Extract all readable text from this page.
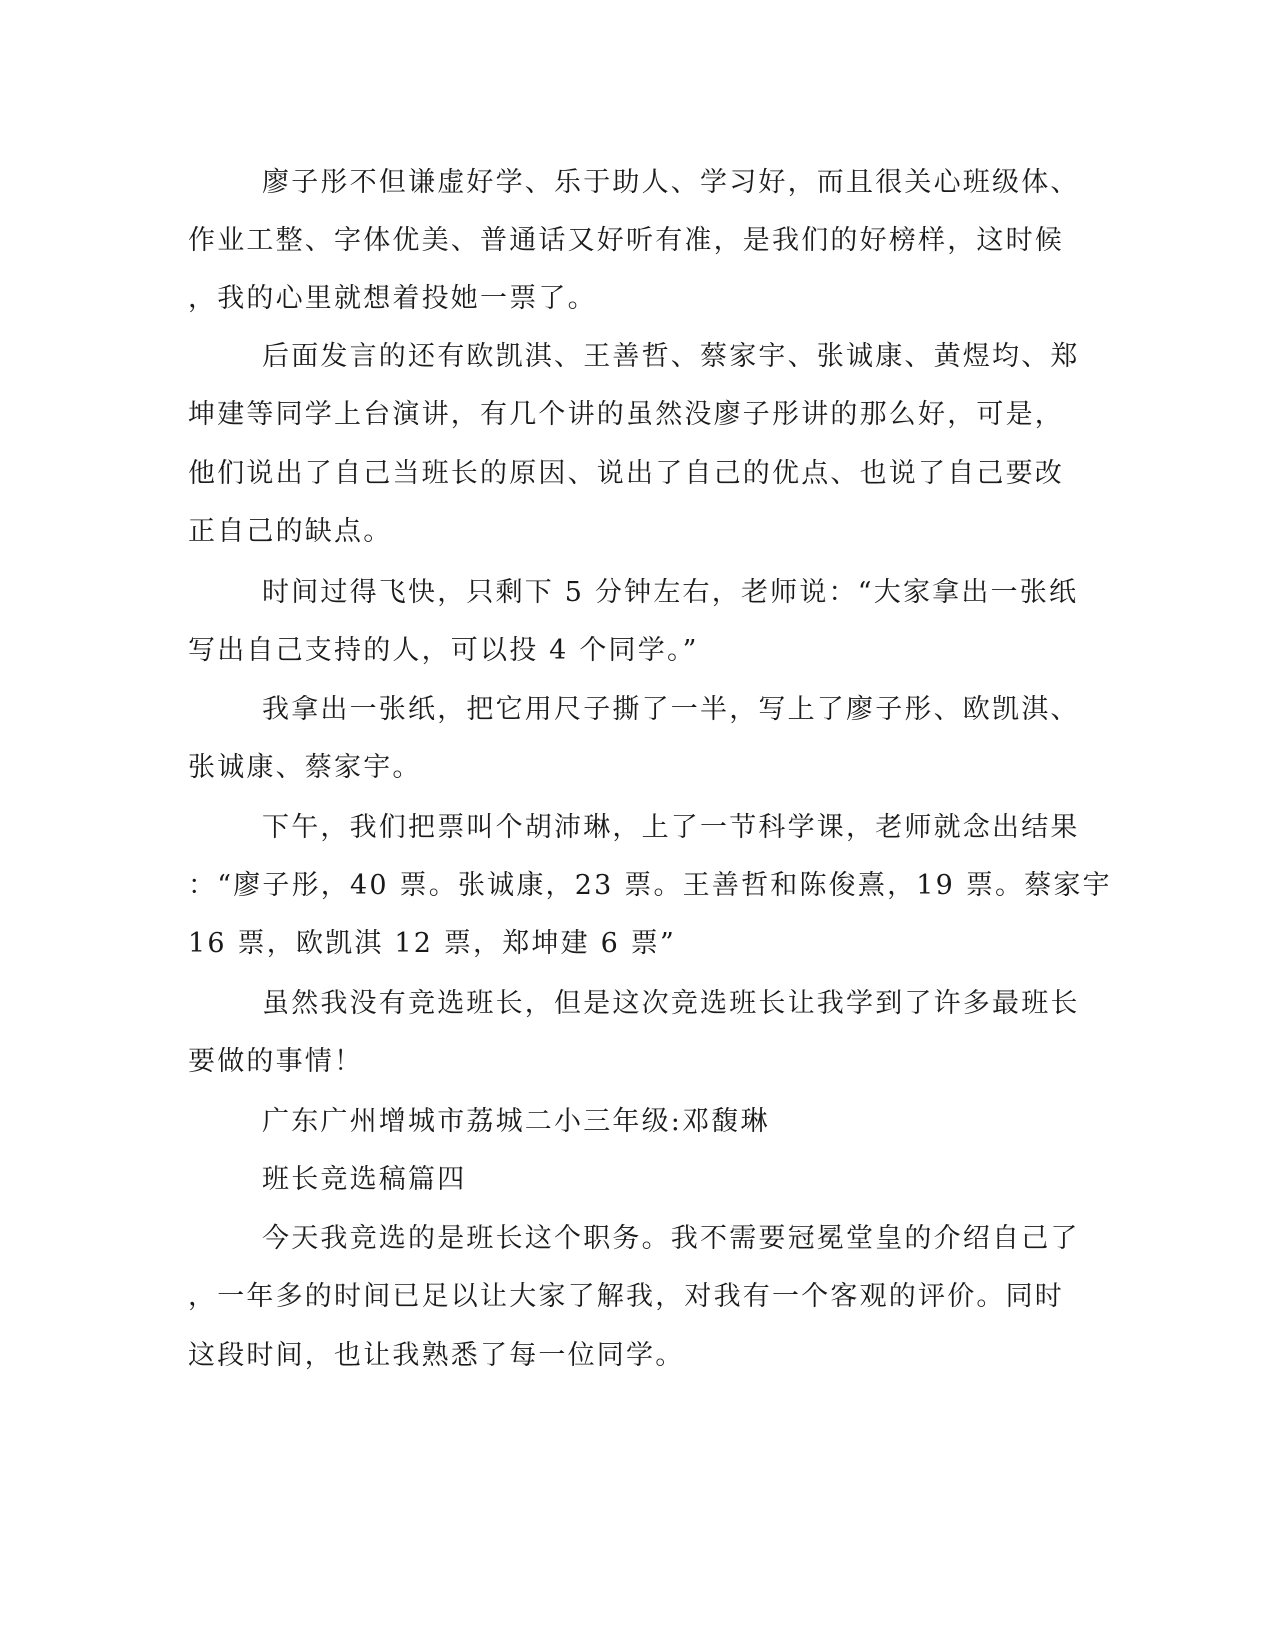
廖子彤不但谦虚好学、乐于助人、学习好，而且很关心班级体、
作业工整、字体优美、普通话又好听有准，是我们的好榜样，这时候
，我的心里就想着投她一票了。
后面发言的还有欧凯淇、王善哲、蔡家宇、张诚康、黄煜均、郑
坤建等同学上台演讲，有几个讲的虽然没廖子彤讲的那么好，可是，
他们说出了自己当班长的原因、说出了自己的优点、也说了自己要改
正自己的缺点。
时间过得飞快，只剩下 5 分钟左右，老师说：“大家拿出一张纸
写出自己支持的人，可以投 4 个同学。”
我拿出一张纸，把它用尺子撕了一半，写上了廖子彤、欧凯淇、
张诚康、蔡家宇。
下午，我们把票叫个胡沛琳，上了一节科学课，老师就念出结果
：“廖子彤，40 票。张诚康，23 票。王善哲和陈俊熹，19 票。蔡家宇
16 票，欧凯淇 12 票，郑坤建 6 票”
虽然我没有竞选班长，但是这次竞选班长让我学到了许多最班长
要做的事情！
广东广州增城市荔城二小三年级:邓馥琳
班长竞选稿篇四
今天我竞选的是班长这个职务。我不需要冠冕堂皇的介绍自己了
，一年多的时间已足以让大家了解我，对我有一个客观的评价。同时
这段时间，也让我熟悉了每一位同学。
